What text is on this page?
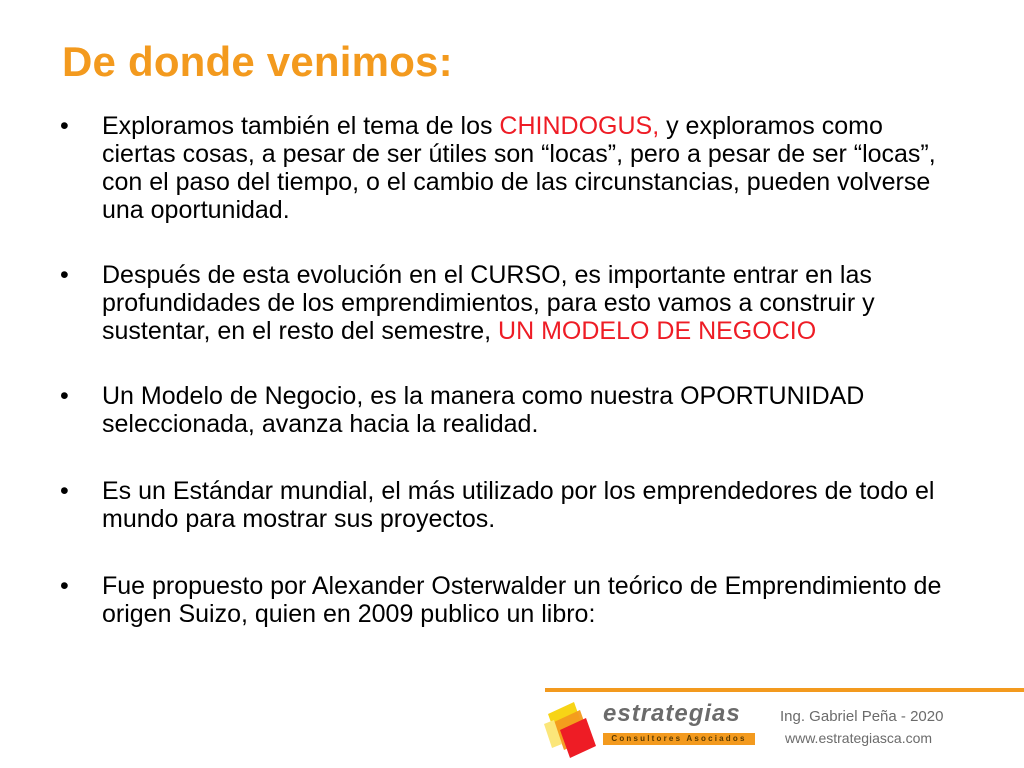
De donde venimos:
• Exploramos también el tema de los CHINDOGUS, y exploramos como ciertas cosas, a pesar de ser útiles son “locas”, pero a pesar de ser “locas”, con el paso del tiempo, o el cambio de las circunstancias, pueden volverse una oportunidad.
• Después de esta evolución en el CURSO, es importante entrar en las profundidades de los emprendimientos, para esto vamos a construir y sustentar, en el resto del semestre, UN MODELO DE NEGOCIO
• Un Modelo de Negocio, es la manera como nuestra OPORTUNIDAD seleccionada, avanza hacia la realidad.
• Es un Estándar mundial, el más utilizado por los emprendedores de todo el mundo para mostrar sus proyectos.
• Fue propuesto por Alexander Osterwalder un teórico de Emprendimiento de origen Suizo, quien en 2009 publico un libro:
estrategias
Consultores Asociados
Ing. Gabriel Peña - 2020
www.estrategiasca.com
